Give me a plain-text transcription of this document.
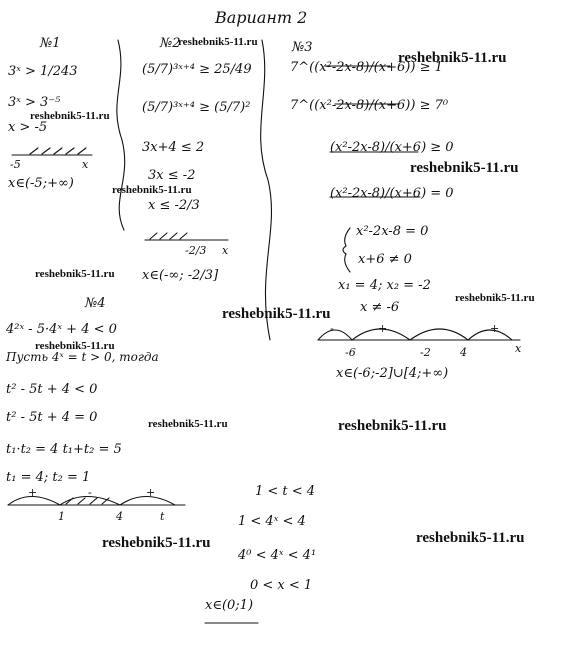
Вариант 2
№1
3ˣ > 1/243
3ˣ > 3⁻⁵
x > -5
-5	x
x∈(-5;+∞)
№2
(5/7)³ˣ⁺⁴ ≥ 25/49
(5/7)³ˣ⁺⁴ ≥ (5/7)²
3x+4 ≤ 2
3x ≤ -2
x ≤ -2/3
-2/3 x
x∈(-∞; -2/3]
№3
7^((x²-2x-8)/(x+6)) ≥ 1
7^((x²-2x-8)/(x+6)) ≥ 7⁰
(x²-2x-8)/(x+6) ≥ 0
(x²-2x-8)/(x+6) = 0
x²-2x-8 = 0
x+6 ≠ 0
x₁ = 4; x₂ = -2
x ≠ -6
-6	-2	4
-	+	-	+
x
x∈(-6;-2]∪[4;+∞)
№4
4²ˣ - 5·4ˣ + 4 < 0
Пусть 4ˣ = t > 0, тогда
t² - 5t + 4 < 0
t² - 5t + 4 = 0
t₁·t₂ = 4 t₁+t₂ = 5
t₁ = 4; t₂ = 1
1	4
+	-	+
t
1 < t < 4
1 < 4ˣ < 4
4⁰ < 4ˣ < 4¹
0 < x < 1
x∈(0;1)
reshebnik5-11.ru
reshebnik5-11.ru
reshebnik5-11.ru
reshebnik5-11.ru
reshebnik5-11.ru
reshebnik5-11.ru
reshebnik5-11.ru
reshebnik5-11.ru
reshebnik5-11.ru
reshebnik5-11.ru	reshebnik5-11.ru
reshebnik5-11.ru	reshebnik5-11.ru
